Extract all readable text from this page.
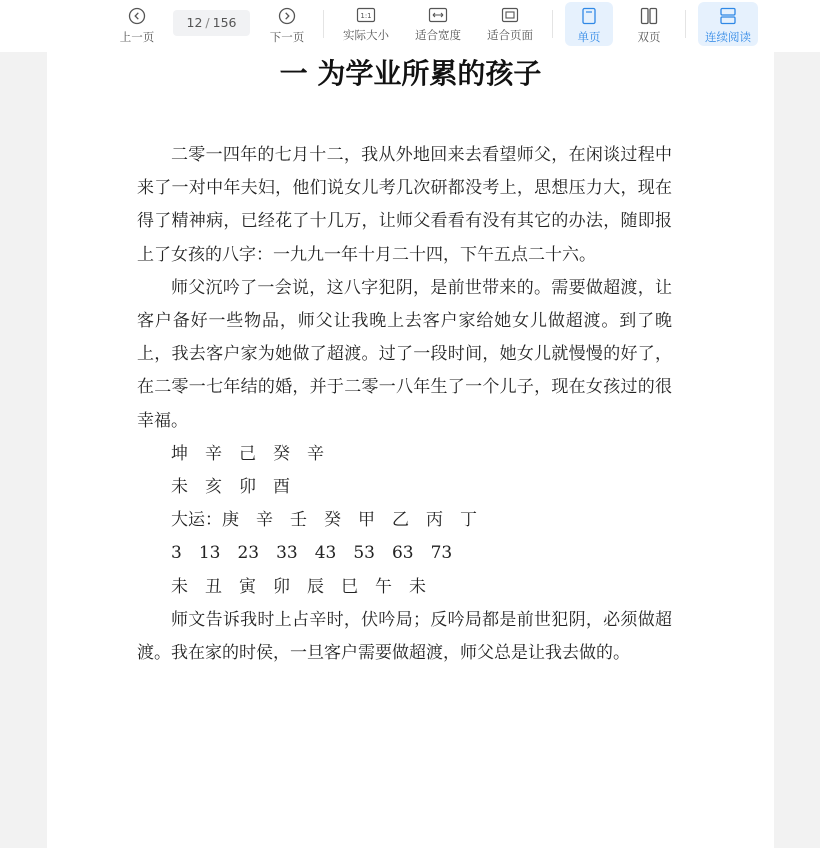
上一页
12 / 156
下一页
1:1
实际大小 适合宽度 适合页面	单页	双页	连续阅读
一 为学业所累的孩子

二零一四年的七月十二，我从外地回来去看望师父，在闲谈过程中来了一对中年夫妇，他们说女儿考几次研都没考上，思想压力大，现在得了精神病，已经花了十几万，让师父看看有没有其它的办法，随即报上了女孩的八字：一九九一年十月二十四，下午五点二十六。

师父沉吟了一会说，这八字犯阴，是前世带来的。需要做超渡，让客户备好一些物品，师父让我晚上去客户家给她女儿做超渡。到了晚上，我去客户家为她做了超渡。过了一段时间，她女儿就慢慢的好了，在二零一七年结的婚，并于二零一八年生了一个儿子，现在女孩过的很幸福。

坤　辛　己　癸　辛

未　亥　卯　酉

大运：庚　辛　壬　癸　甲　乙　丙　丁

3　13　23　33　43　53　63　73

未　丑　寅　卯　辰　巳　午　未

师文告诉我时上占辛时，伏吟局；反吟局都是前世犯阴，必须做超渡。我在家的时侯，一旦客户需要做超渡，师父总是让我去做的。
